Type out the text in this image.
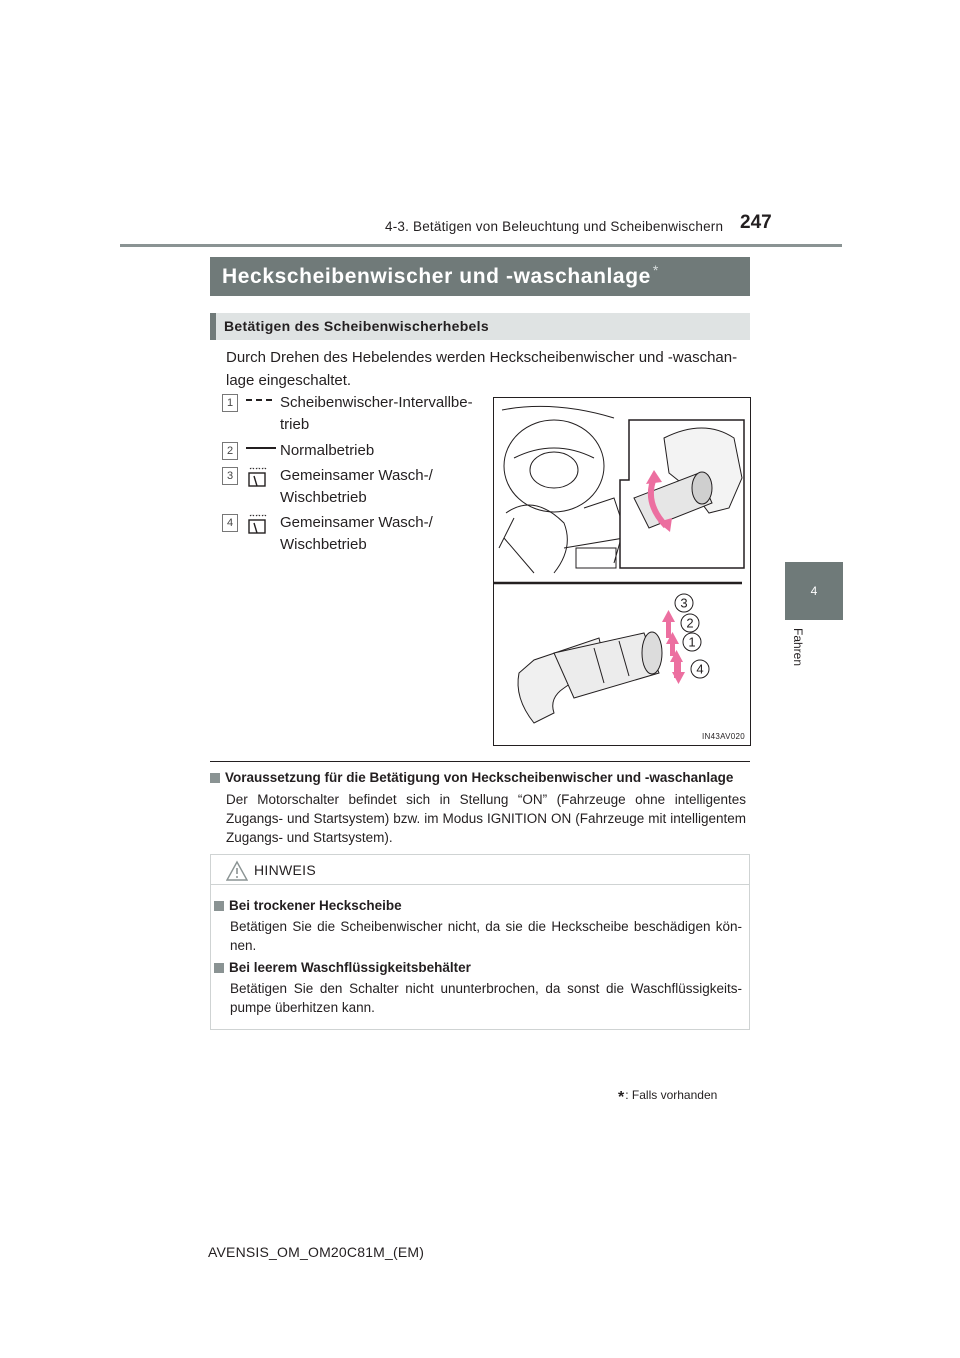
4-3. Betätigen von Beleuchtung und Scheibenwischern 247
4
Fahren
Heckscheibenwischer und -waschanlage *
Betätigen des Scheibenwischerhebels
Durch Drehen des Hebelendes werden Heckscheibenwischer und -waschan-lage eingeschaltet.
1	Scheibenwischer-Intervallbe-trieb
2	Normalbetrieb
3	Gemeinsamer Wasch-/ Wischbetrieb
4	Gemeinsamer Wasch-/ Wischbetrieb
3
2
1
4
IN43AV020
Voraussetzung für die Betätigung von Heckscheibenwischer und -waschanlage
Der Motorschalter befindet sich in Stellung “ON” (Fahrzeuge ohne intelligentes Zugangs- und Startsystem) bzw. im Modus IGNITION ON (Fahrzeuge mit intelligentem Zugangs- und Startsystem).
HINWEIS
Bei trockener Heckscheibe
Betätigen Sie die Scheibenwischer nicht, da sie die Heckscheibe beschädigen kön-nen.
Bei leerem Waschflüssigkeitsbehälter
Betätigen Sie den Schalter nicht ununterbrochen, da sonst die Waschflüssigkeits-pumpe überhitzen kann.
*: Falls vorhanden
AVENSIS_OM_OM20C81M_(EM)
